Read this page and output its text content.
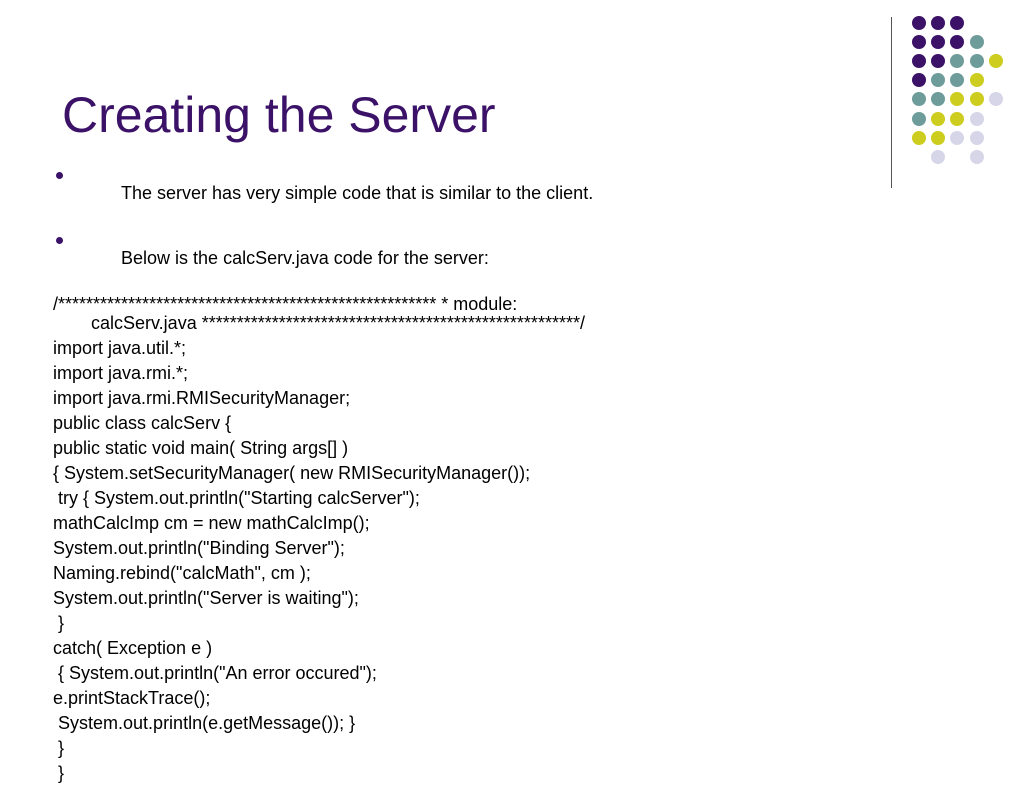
Creating the Server

The server has very simple code that is similar to the client.

Below is the calcServ.java code for the server:

/****************************************************** * module: calcServ.java ******************************************************/

import java.util.*;

import java.rmi.*;

import java.rmi.RMISecurityManager;

public class calcServ {

public static void main( String args[] )

{ System.setSecurityManager( new RMISecurityManager());

try { System.out.println("Starting calcServer");

mathCalcImp cm = new mathCalcImp();

System.out.println("Binding Server");

Naming.rebind("calcMath", cm );

System.out.println("Server is waiting");

}

catch( Exception e )

{ System.out.println("An error occured");

e.printStackTrace();

System.out.println(e.getMessage()); }

}

}
